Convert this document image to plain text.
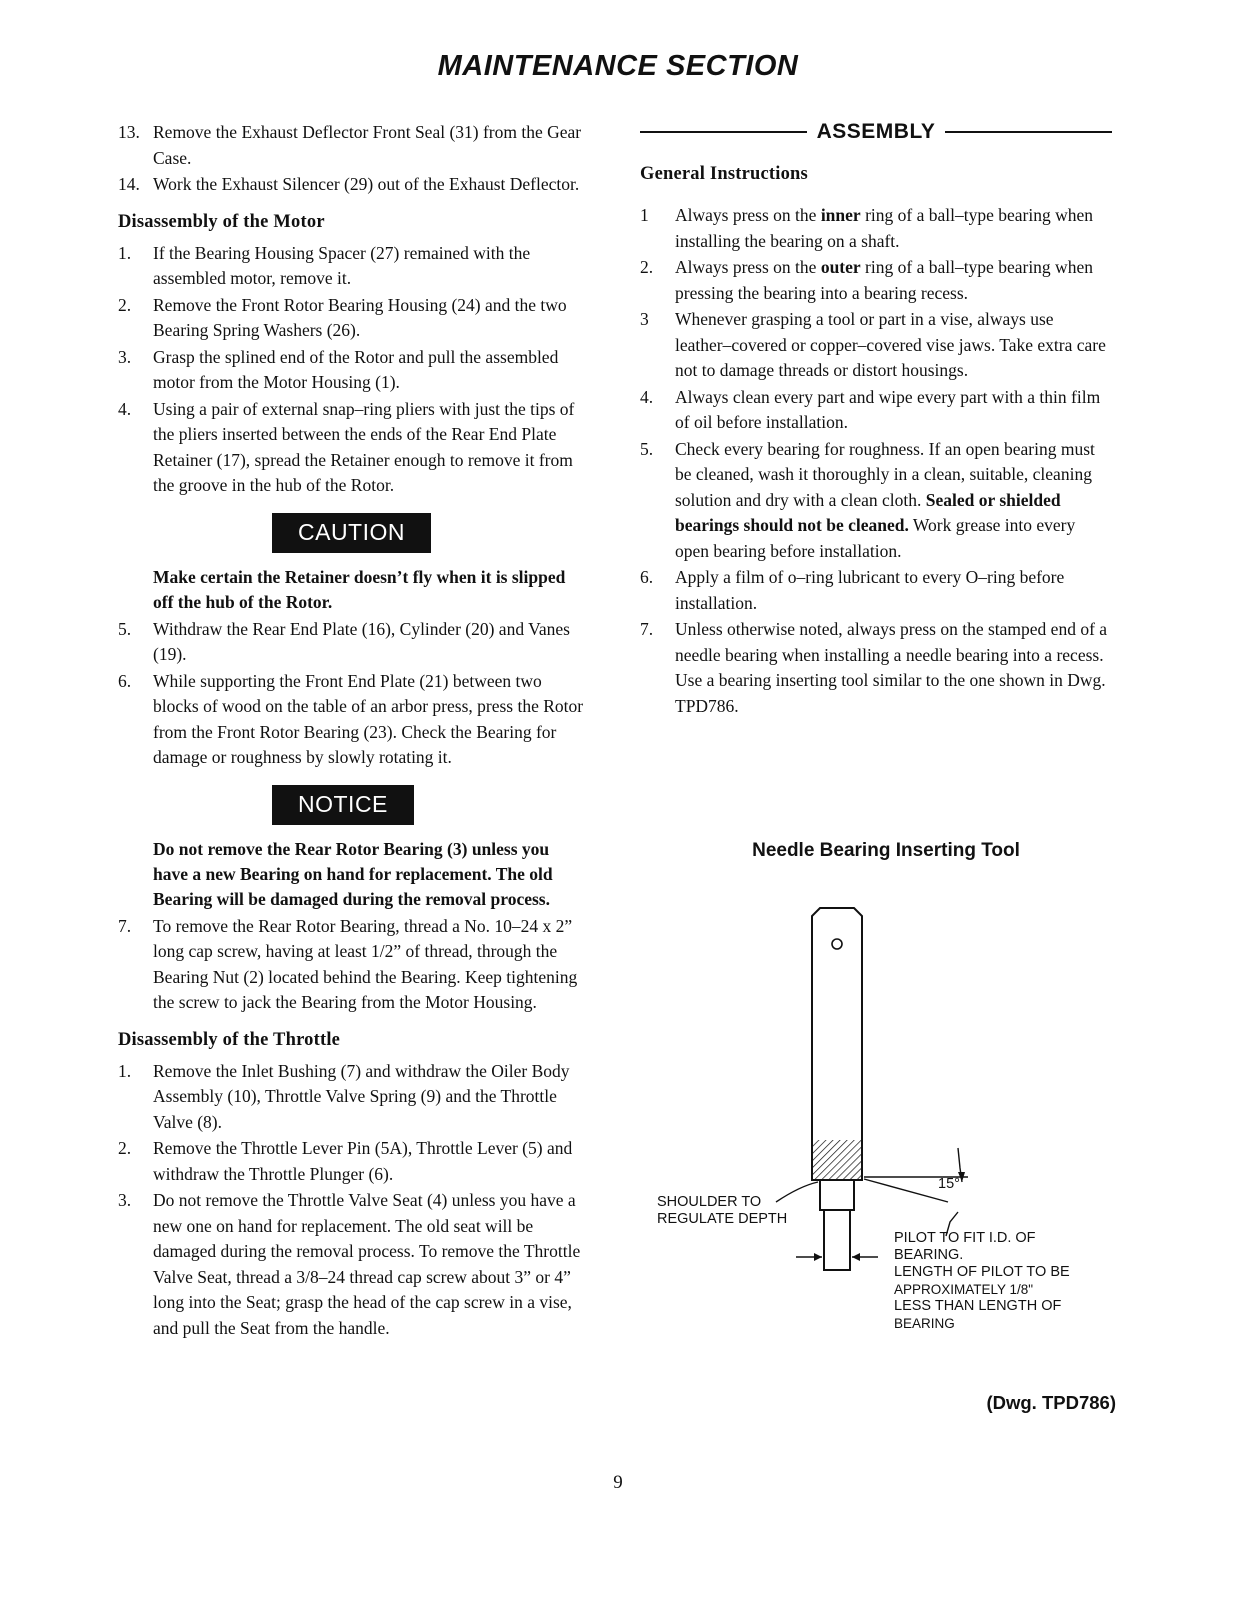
MAINTENANCE SECTION
13. Remove the Exhaust Deflector Front Seal (31) from the Gear Case.
14. Work the Exhaust Silencer (29) out of the Exhaust Deflector.
Disassembly of the Motor
1.	If the Bearing Housing Spacer (27) remained with the assembled motor, remove it.
2.	Remove the Front Rotor Bearing Housing (24) and the two Bearing Spring Washers (26).
3.	Grasp the splined end of the Rotor and pull the assembled motor from the Motor Housing (1).
4.	Using a pair of external snap–ring pliers with just the tips of the pliers inserted between the ends of the Rear End Plate Retainer (17), spread the Retainer enough to remove it from the groove in the hub of the Rotor.
CAUTION

Make certain the Retainer doesn’t fly when it is slipped off the hub of the Rotor.

5.	Withdraw the Rear End Plate (16), Cylinder (20) and Vanes (19).
6.	While supporting the Front End Plate (21) between two blocks of wood on the table of an arbor press, press the Rotor from the Front Rotor Bearing (23). Check the Bearing for damage or roughness by slowly rotating it.
NOTICE

Do not remove the Rear Rotor Bearing (3) unless you have a new Bearing on hand for replacement. The old Bearing will be damaged during the removal process.

7.	To remove the Rear Rotor Bearing, thread a No. 10–24 x 2” long cap screw, having at least 1/2” of thread, through the Bearing Nut (2) located behind the Bearing. Keep tightening the screw to jack the Bearing from the Motor Housing.
Disassembly of the Throttle
1.	Remove the Inlet Bushing (7) and withdraw the Oiler Body Assembly (10), Throttle Valve Spring (9) and the Throttle Valve (8).
2.	Remove the Throttle Lever Pin (5A), Throttle Lever (5) and withdraw the Throttle Plunger (6).
3.	Do not remove the Throttle Valve Seat (4) unless you have a new one on hand for replacement. The old seat will be damaged during the removal process. To remove the Throttle Valve Seat, thread a 3/8–24 thread cap screw about 3” or 4” long into the Seat; grasp the head of the cap screw in a vise, and pull the Seat from the handle.
ASSEMBLY
General Instructions
1	Always press on the inner ring of a ball–type bearing when installing the bearing on a shaft.
2.	Always press on the outer ring of a ball–type bearing when pressing the bearing into a bearing recess.
3	Whenever grasping a tool or part in a vise, always use leather–covered or copper–covered vise jaws. Take extra care not to damage threads or distort housings.
4.	Always clean every part and wipe every part with a thin film of oil before installation.
5.	Check every bearing for roughness. If an open bearing must be cleaned, wash it thoroughly in a clean, suitable, cleaning solution and dry with a clean cloth. Sealed or shielded bearings should not be cleaned. Work grease into every open bearing before installation.
6.	Apply a film of o–ring lubricant to every O–ring before installation.
7.	Unless otherwise noted, always press on the stamped end of a needle bearing when installing a needle bearing into a recess. Use a bearing inserting tool similar to the one shown in Dwg. TPD786.
Needle Bearing Inserting Tool
15°
SHOULDER TO
REGULATE DEPTH
PILOT TO FIT I.D. OF
BEARING.
LENGTH OF PILOT TO BE
APPROXIMATELY 1/8"
LESS THAN LENGTH OF
BEARING
(Dwg. TPD786)
9
